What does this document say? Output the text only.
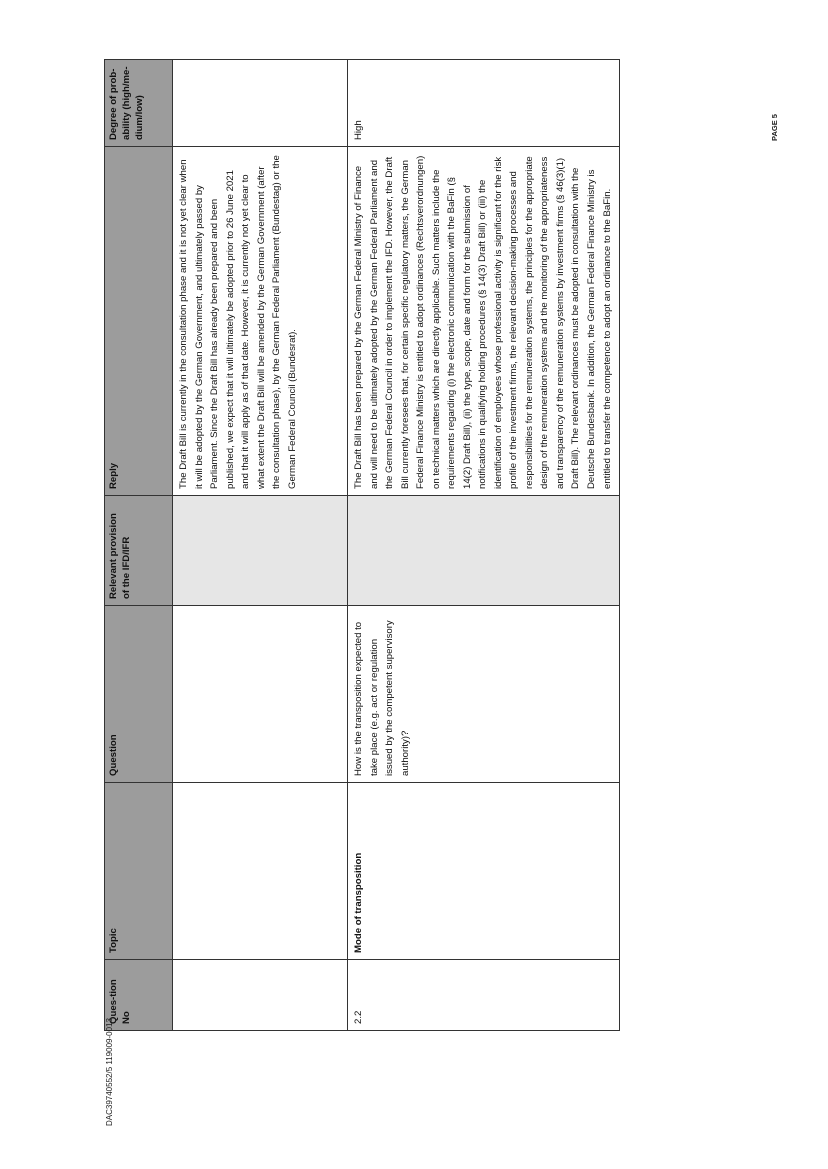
Ques-tion No	Topic	Question	Relevant provision of the IFD/IFR	Reply	Degree of prob-ability (high/me-dium/low)

				The Draft Bill is currently in the consultation phase and it is not yet clear when it will be adopted by the German Government, and ultimately passed by Parliament. Since the Draft Bill has already been prepared and been published, we expect that it will ultimately be adopted prior to 26 June 2021 and that it will apply as of that date. However, it is currently not yet clear to what extent the Draft Bill will be amended by the German Government (after the consultation phase), by the German Federal Parliament (Bundestag) or the German Federal Council (Bundesrat).	

2.2	Mode of transposition	How is the transposition expected to take place (e.g. act or regulation issued by the competent supervisory authority)?		The Draft Bill has been prepared by the German Federal Ministry of Finance and will need to be ultimately adopted by the German Federal Parliament and the German Federal Council in order to implement the IFD. However, the Draft Bill currently foresees that, for certain specific regulatory matters, the German Federal Finance Ministry is entitled to adopt ordinances (Rechtsverordnungen) on technical matters which are directly applicable. Such matters include the requirements regarding (i) the electronic communication with the BaFin (§ 14(2) Draft Bill), (ii) the type, scope, date and form for the submission of notifications in qualifying holding procedures (§ 14(3) Draft Bill) or (iii) the identification of employees whose professional activity is significant for the risk profile of the investment firms, the relevant decision-making processes and responsibilities for the remuneration systems, the principles for the appropriate design of the remuneration systems and the monitoring of the appropriateness and transparency of the remuneration systems by investment firms (§ 46(3)(1) Draft Bill). The relevant ordinances must be adopted in consultation with the Deutsche Bundesbank. In addition, the German Federal Finance Ministry is entitled to transfer the competence to adopt an ordinance to the BaFin.	High
DAC39740552/5 119009-0013
PAGE 5
